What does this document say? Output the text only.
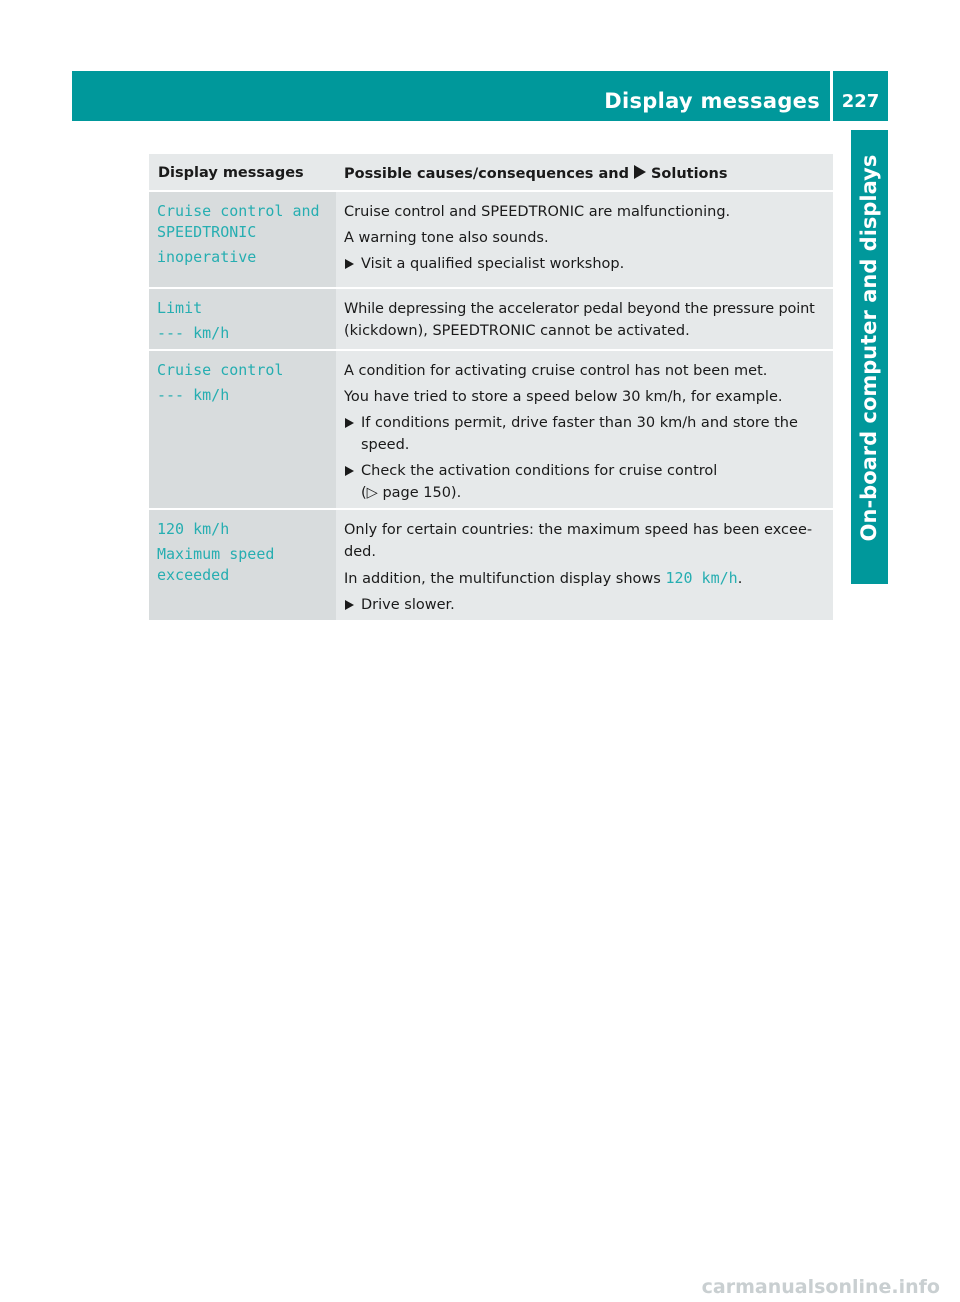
Display messages	227
On-board computer and displays
Display messages	Possible causes/consequences and Solutions
Cruise control and
SPEEDTRONIC
inoperative

Cruise control and SPEEDTRONIC are malfunctioning.

A warning tone also sounds.

Visit a qualified specialist workshop.

Limit
--- km/h

While depressing the accelerator pedal beyond the pressure point
(kickdown), SPEEDTRONIC cannot be activated.

Cruise control
--- km/h

A condition for activating cruise control has not been met.

You have tried to store a speed below 30 km/h, for example.

If conditions permit, drive faster than 30 km/h and store the
speed.

Check the activation conditions for cruise control
(▷ page 150).

120 km/h
Maximum speed
exceeded

Only for certain countries: the maximum speed has been excee-
ded.

In addition, the multifunction display shows 120 km/h.

Drive slower.

carmanualsonline.info
